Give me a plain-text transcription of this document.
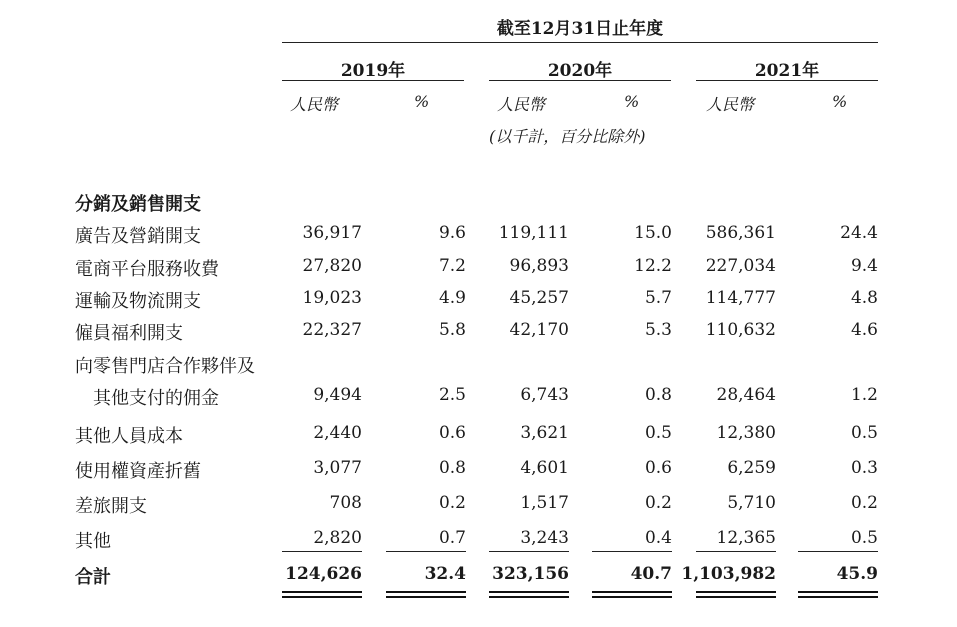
截至12月31日止年度
2019年	2020年	2021年
人民幣	%	人民幣	%	人民幣	%
(以千計，百分比除外)
分銷及銷售開支
廣告及營銷開支	36,917	9.6	119,111	15.0	586,361	24.4
電商平台服務收費	27,820	7.2	96,893	12.2	227,034	9.4
運輸及物流開支	19,023	4.9	45,257	5.7	114,777	4.8
僱員福利開支	22,327	5.8	42,170	5.3	110,632	4.6
向零售門店合作夥伴及
其他支付的佣金	9,494	2.5	6,743	0.8	28,464	1.2
其他人員成本	2,440	0.6	3,621	0.5	12,380	0.5
使用權資產折舊	3,077	0.8	4,601	0.6	6,259	0.3
差旅開支	708	0.2	1,517	0.2	5,710	0.2
其他	2,820	0.7	3,243	0.4	12,365	0.5
合計	124,626	32.4	323,156	40.7 1,103,982	45.9
